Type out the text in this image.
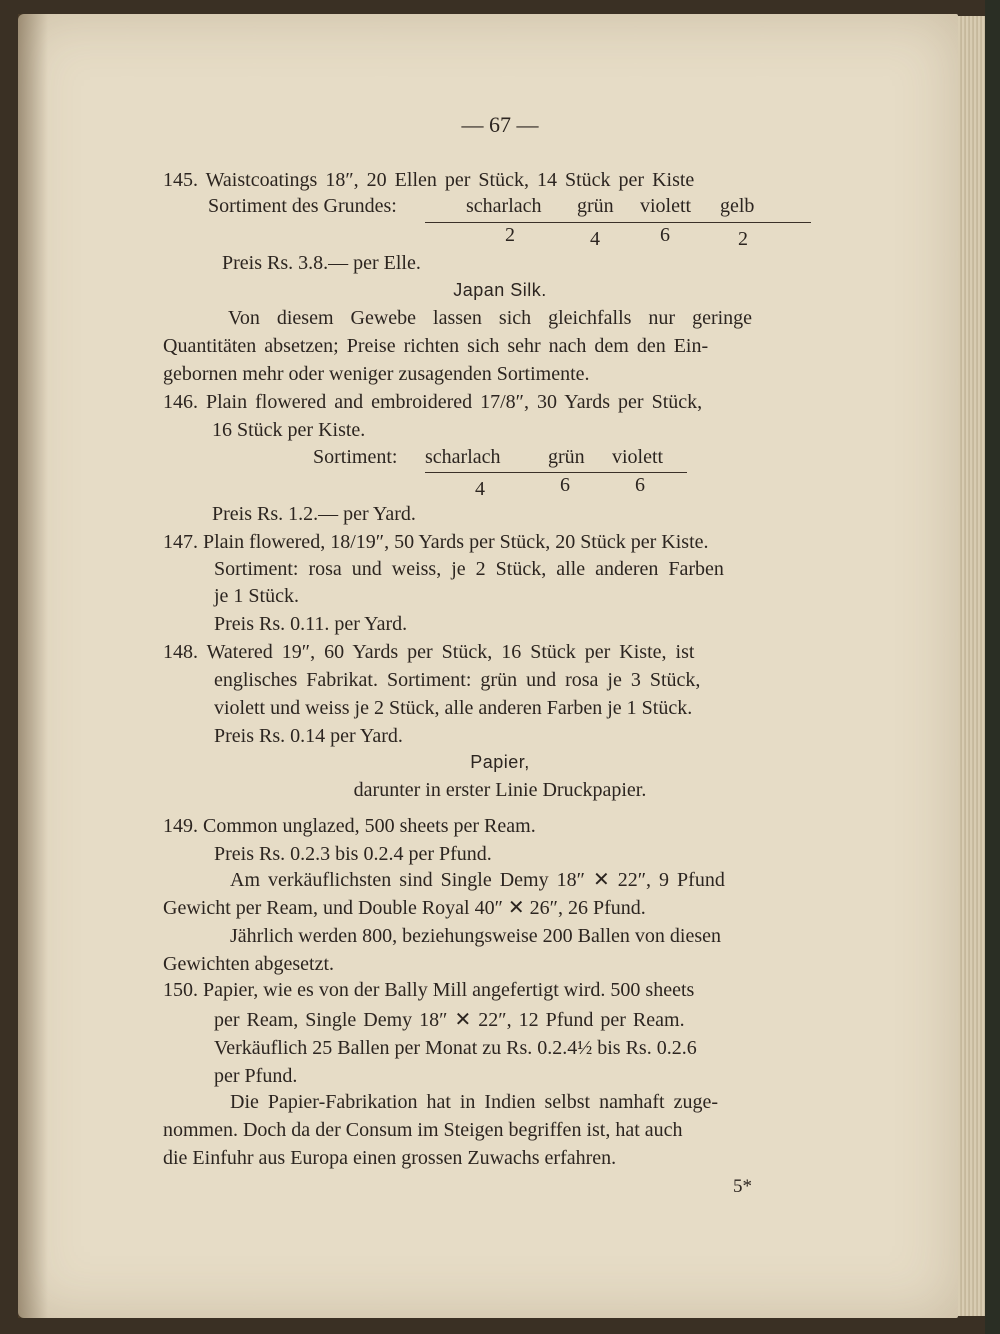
— 67 —
145. Waistcoatings 18″, 20 Ellen per Stück, 14 Stück per Kiste
Sortiment des Grundes:	scharlach grün violett gelb
2	4	6	2
Preis Rs. 3.8.— per Elle.
Japan Silk.
Von diesem Gewebe lassen sich gleichfalls nur geringe
Quantitäten absetzen; Preise richten sich sehr nach dem den Ein-
gebornen mehr oder weniger zusagenden Sortimente.
146. Plain flowered and embroidered 17/8″, 30 Yards per Stück,
16 Stück per Kiste.
Sortiment: scharlach grün violett
4	6	6
Preis Rs. 1.2.— per Yard.
147. Plain flowered, 18/19″, 50 Yards per Stück, 20 Stück per Kiste.
Sortiment: rosa und weiss, je 2 Stück, alle anderen Farben
je 1 Stück.
Preis Rs. 0.11. per Yard.
148. Watered 19″, 60 Yards per Stück, 16 Stück per Kiste, ist
englisches Fabrikat. Sortiment: grün und rosa je 3 Stück,
violett und weiss je 2 Stück, alle anderen Farben je 1 Stück.
Preis Rs. 0.14 per Yard.
Papier,
darunter in erster Linie Druckpapier.
149. Common unglazed, 500 sheets per Ream.
Preis Rs. 0.2.3 bis 0.2.4 per Pfund.
Am verkäuflichsten sind Single Demy 18″ ✕ 22″, 9 Pfund
Gewicht per Ream, und Double Royal 40″ ✕ 26″, 26 Pfund.
Jährlich werden 800, beziehungsweise 200 Ballen von diesen
Gewichten abgesetzt.
150. Papier, wie es von der Bally Mill angefertigt wird. 500 sheets
per Ream, Single Demy 18″ ✕ 22″, 12 Pfund per Ream.
Verkäuflich 25 Ballen per Monat zu Rs. 0.2.4½ bis Rs. 0.2.6
per Pfund.
Die Papier-Fabrikation hat in Indien selbst namhaft zuge-
nommen. Doch da der Consum im Steigen begriffen ist, hat auch
die Einfuhr aus Europa einen grossen Zuwachs erfahren.
5*
